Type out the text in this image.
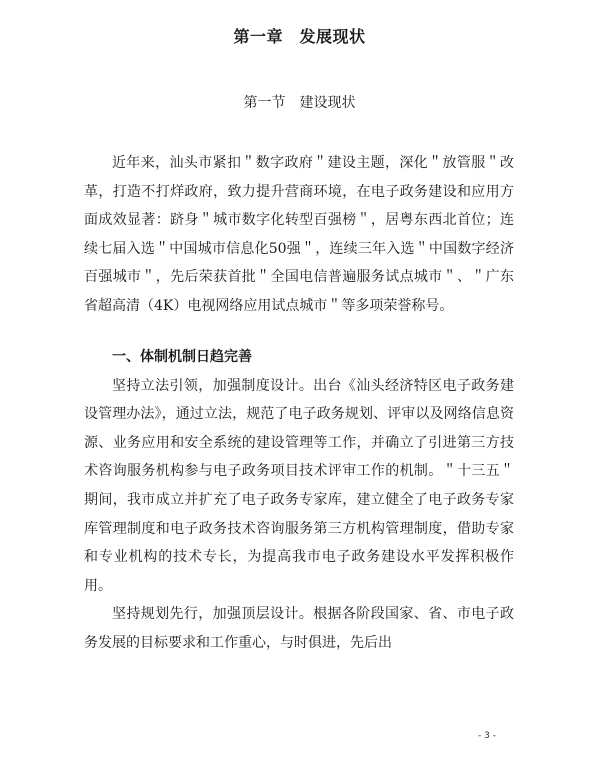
第一章　发展现状
第一节　建设现状

近年来，汕头市紧扣＂数字政府＂建设主题，深化＂放管服＂改革，打造不打烊政府，致力提升营商环境，在电子政务建设和应用方面成效显著：跻身＂城市数字化转型百强榜＂，居粤东西北首位；连续七届入选＂中国城市信息化50强＂，连续三年入选＂中国数字经济百强城市＂，先后荣获首批＂全国电信普遍服务试点城市＂、＂广东省超高清（4K）电视网络应用试点城市＂等多项荣誉称号。

一、体制机制日趋完善

坚持立法引领，加强制度设计。出台《汕头经济特区电子政务建设管理办法》，通过立法，规范了电子政务规划、评审以及网络信息资源、业务应用和安全系统的建设管理等工作，并确立了引进第三方技术咨询服务机构参与电子政务项目技术评审工作的机制。＂十三五＂期间，我市成立并扩充了电子政务专家库，建立健全了电子政务专家库管理制度和电子政务技术咨询服务第三方机构管理制度，借助专家和专业机构的技术专长，为提高我市电子政务建设水平发挥积极作用。

坚持规划先行，加强顶层设计。根据各阶段国家、省、市电子政务发展的目标要求和工作重心，与时俱进，先后出

- 3 -
